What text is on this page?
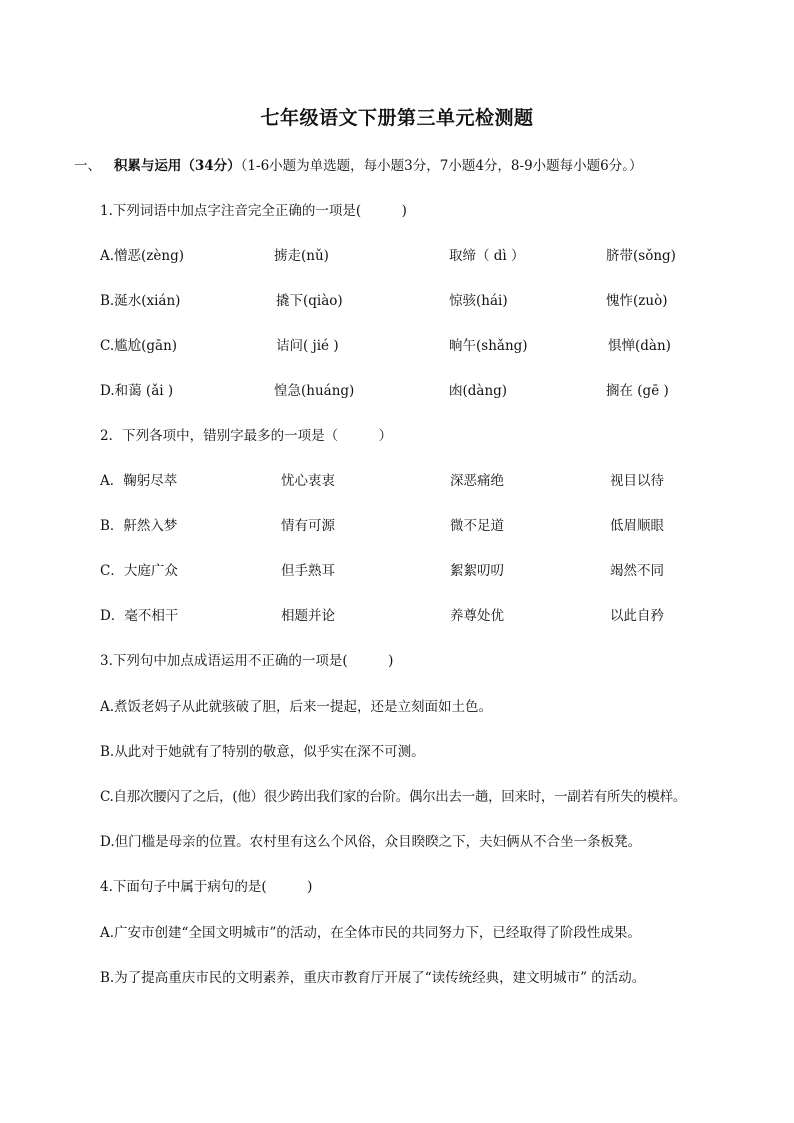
七年级语文下册第三单元检测题
一、 积累与运用（34分）（1-6小题为单选题，每小题3分，7小题4分，8-9小题每小题6分。）
1.下列词语中加点字注音完全正确的一项是(　　　)
A.憎恶(zèng)	掳走(nǔ)	取缔（ dì ）	脐带(sǒng)
B.涎水(xián)	撬下(qiào)	惊骇(hái)	愧怍(zuò)
C.尴尬(gān)	诘问( jié )	晌午(shǎng)	惧惮(dàn)
D.和蔼 (ǎi )	惶急(huáng)	凼(dàng)	搁在 (gē )
2．下列各项中，错别字最多的一项是（　　　）
A．鞠躬尽萃	忧心衷衷	深恶痛绝	视目以待
B．鼾然入梦	情有可源	微不足道	低眉顺眼
C．大庭广众	但手熟耳	絮絮叨叨	竭然不同
D．毫不相干	相题并论	养尊处优	以此自矜
3.下列句中加点成语运用不正确的一项是(　　　)
A.煮饭老妈子从此就骇破了胆，后来一提起，还是立刻面如土色。
B.从此对于她就有了特别的敬意，似乎实在深不可测。
C.自那次腰闪了之后，(他）很少跨出我们家的台阶。偶尔出去一趟，回来时，一副若有所失的模样。
D.但门槛是母亲的位置。农村里有这么个风俗，众目睽睽之下，夫妇俩从不合坐一条板凳。
4.下面句子中属于病句的是(　　　)
A.广安市创建“全国文明城市”的活动，在全体市民的共同努力下，已经取得了阶段性成果。
B.为了提高重庆市民的文明素养，重庆市教育厅开展了“读传统经典，建文明城市” 的活动。
